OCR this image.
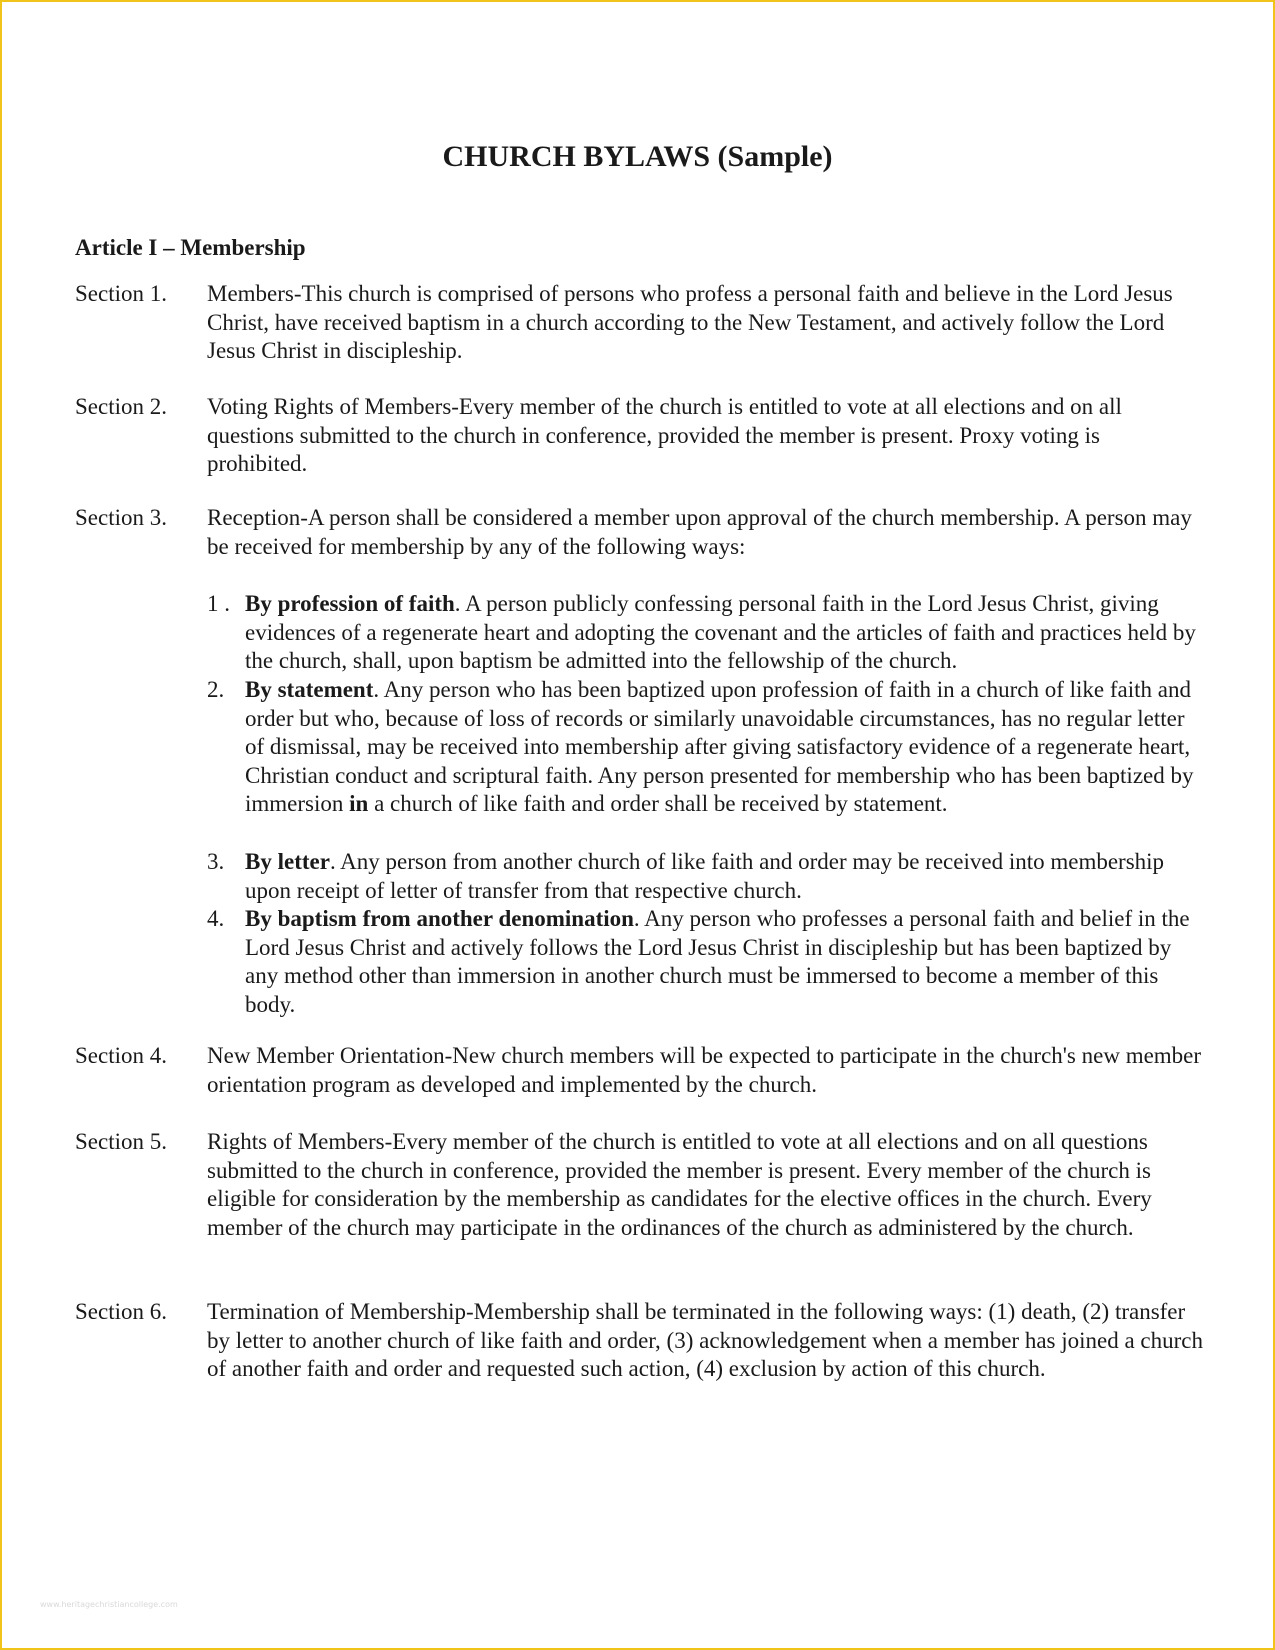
CHURCH BYLAWS (Sample)
Article I – Membership
Section 1.	Members-This church is comprised of persons who profess a personal faith and believe in the Lord Jesus Christ, have received baptism in a church according to the New Testament, and actively follow the Lord Jesus Christ in discipleship.
Section 2.	Voting Rights of Members-Every member of the church is entitled to vote at all elections and on all questions submitted to the church in conference, provided the member is present. Proxy voting is prohibited.
Section 3.	Reception-A person shall be considered a member upon approval of the church membership. A person may be received for membership by any of the following ways:
1 . By profession of faith. A person publicly confessing personal faith in the Lord Jesus Christ, giving evidences of a regenerate heart and adopting the covenant and the articles of faith and practices held by the church, shall, upon baptism be admitted into the fellowship of the church.
2. By statement. Any person who has been baptized upon profession of faith in a church of like faith and order but who, because of loss of records or similarly unavoidable circumstances, has no regular letter of dismissal, may be received into membership after giving satisfactory evidence of a regenerate heart, Christian conduct and scriptural faith. Any person presented for membership who has been baptized by immersion in a church of like faith and order shall be received by statement.
3. By letter. Any person from another church of like faith and order may be received into membership upon receipt of letter of transfer from that respective church.
4. By baptism from another denomination. Any person who professes a personal faith and belief in the Lord Jesus Christ and actively follows the Lord Jesus Christ in discipleship but has been baptized by any method other than immersion in another church must be immersed to become a member of this body.
Section 4.	New Member Orientation-New church members will be expected to participate in the church's new member orientation program as developed and implemented by the church.
Section 5.	Rights of Members-Every member of the church is entitled to vote at all elections and on all questions submitted to the church in conference, provided the member is present. Every member of the church is eligible for consideration by the membership as candidates for the elective offices in the church. Every member of the church may participate in the ordinances of the church as administered by the church.
Section 6.	Termination of Membership-Membership shall be terminated in the following ways: (1) death, (2) transfer by letter to another church of like faith and order, (3) acknowledgement when a member has joined a church of another faith and order and requested such action, (4) exclusion by action of this church.
www.heritagechristiancollege.com
